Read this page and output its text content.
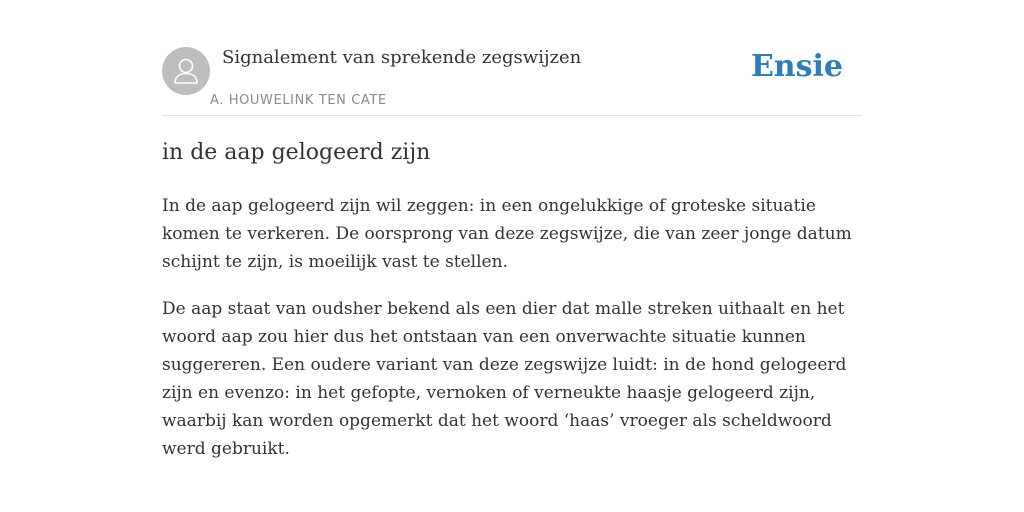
Signalement van sprekende zegswijzen
A. HOUWELINK TEN CATE
Ensie
in de aap gelogeerd zijn

In de aap gelogeerd zijn wil zeggen: in een ongelukkige of groteske situatie
komen te verkeren. De oorsprong van deze zegswijze, die van zeer jonge datum
schijnt te zijn, is moeilijk vast te stellen.

De aap staat van oudsher bekend als een dier dat malle streken uithaalt en het
woord aap zou hier dus het ontstaan van een onverwachte situatie kunnen
suggereren. Een oudere variant van deze zegswijze luidt: in de hond gelogeerd
zijn en evenzo: in het gefopte, vernoken of verneukte haasje gelogeerd zijn,
waarbij kan worden opgemerkt dat het woord ‘haas’ vroeger als scheldwoord
werd gebruikt.
